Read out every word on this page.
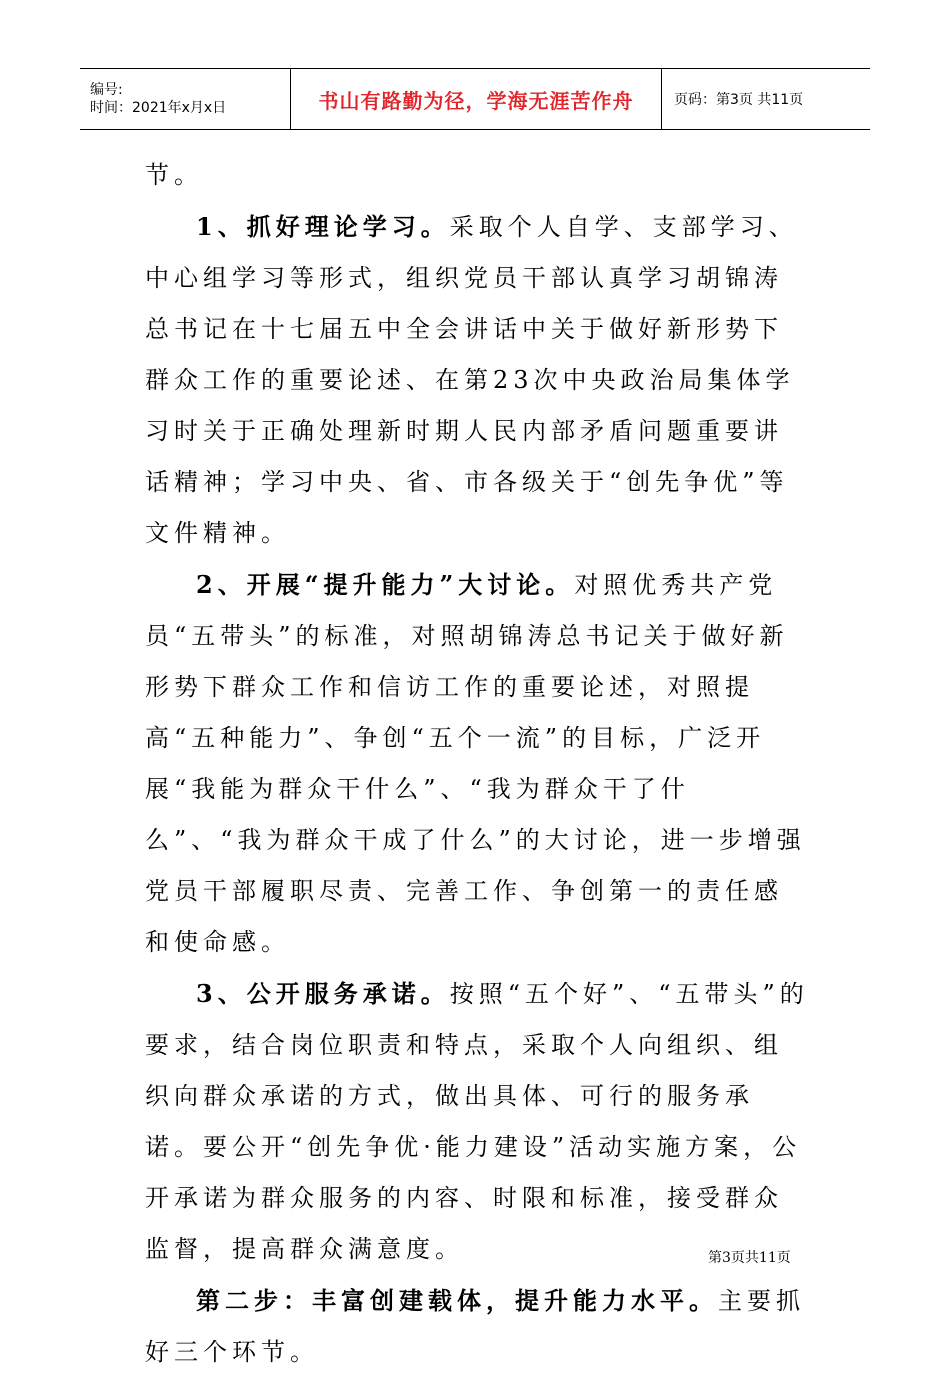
编号:
时间：2021年x月x日	书山有路勤为径，学海无涯苦作舟	页码：第3页 共11页

节。

1、抓好理论学习。采取个人自学、支部学习、中心组学习等形式，组织党员干部认真学习胡锦涛总书记在十七届五中全会讲话中关于做好新形势下群众工作的重要论述、在第23次中央政治局集体学习时关于正确处理新时期人民内部矛盾问题重要讲话精神；学习中央、省、市各级关于“创先争优”等文件精神。

2、开展“提升能力”大讨论。对照优秀共产党员“五带头”的标准，对照胡锦涛总书记关于做好新形势下群众工作和信访工作的重要论述，对照提高“五种能力”、争创“五个一流”的目标，广泛开展“我能为群众干什么”、“我为群众干了什么”、“我为群众干成了什么”的大讨论，进一步增强党员干部履职尽责、完善工作、争创第一的责任感和使命感。

3、公开服务承诺。按照“五个好”、“五带头”的要求，结合岗位职责和特点，采取个人向组织、组织向群众承诺的方式，做出具体、可行的服务承诺。要公开“创先争优·能力建设”活动实施方案，公开承诺为群众服务的内容、时限和标准，接受群众监督，提高群众满意度。

第二步：丰富创建载体，提升能力水平。主要抓好三个环节。

第3页共11页
